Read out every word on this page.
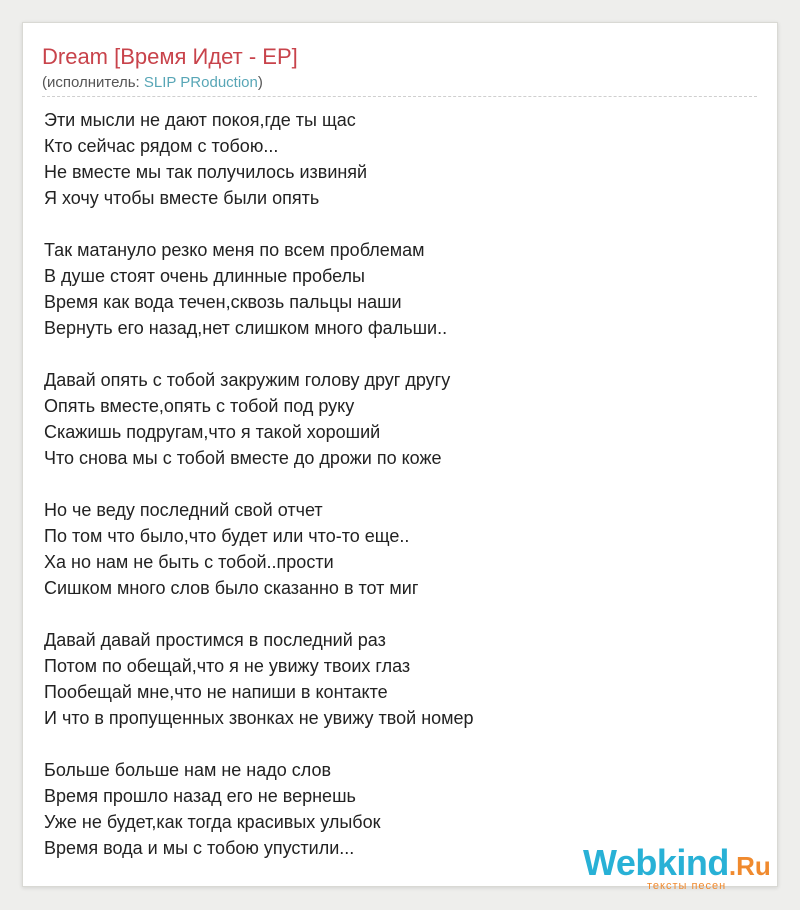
Dream [Время Идет - EP]
(исполнитель: SLIP PRoduction)
Эти мысли не дают покоя,где ты щас
Кто сейчас рядом с тобою...
Не вместе мы так получилось извиняй
Я хочу чтобы вместе были опять
Так матануло резко меня по всем проблемам
В душе стоят очень длинные пробелы
Время как вода течен,сквозь пальцы наши
Вернуть его назад,нет слишком много фальши..
Давай опять с тобой закружим голову друг другу
Опять вместе,опять с тобой под руку
Скажишь подругам,что я такой хороший
Что снова мы с тобой вместе до дрожи по коже
Но че веду последний свой отчет
По том что было,что будет или что-то еще..
Ха но нам не быть с тобой..прости
Сишком много слов было сказанно в тот миг
Давай давай простимся в последний раз
Потом по обещай,что я не увижу твоих глаз
Пообещай мне,что не напиши в контакте
И что в пропущенных звонках не увижу твой номер
Больше больше нам не надо слов
Время прошло назад его не вернешь
Уже не будет,как тогда красивых улыбок
Время вода и мы с тобою упустили...	Webkind.Ru
тексты песен
